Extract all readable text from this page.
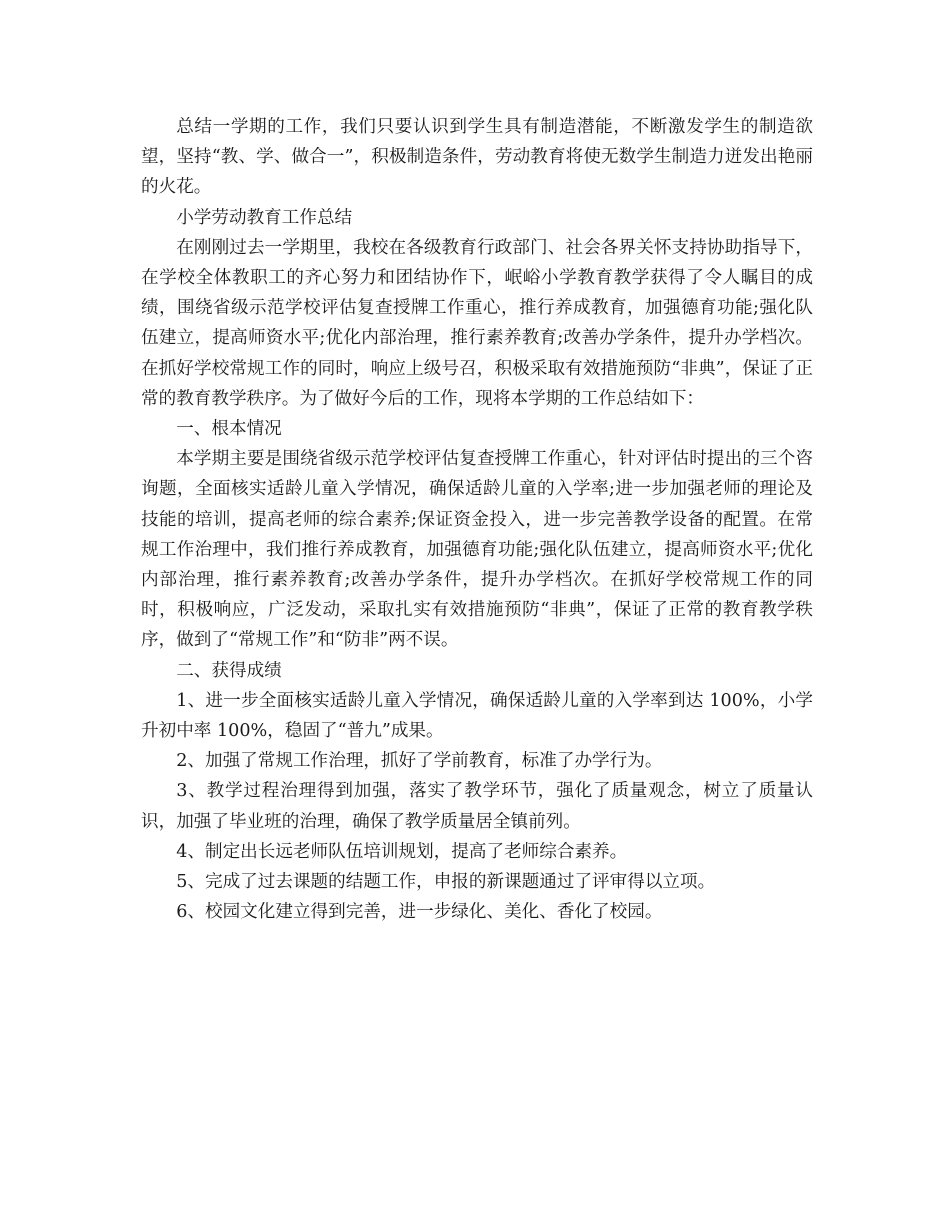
总结一学期的工作，我们只要认识到学生具有制造潜能，不断激发学生的制造欲望，坚持“教、学、做合一”，积极制造条件，劳动教育将使无数学生制造力迸发出艳丽的火花。

小学劳动教育工作总结

在刚刚过去一学期里，我校在各级教育行政部门、社会各界关怀支持协助指导下，在学校全体教职工的齐心努力和团结协作下，岷峪小学教育教学获得了令人瞩目的成绩，围绕省级示范学校评估复查授牌工作重心，推行养成教育，加强德育功能;强化队伍建立，提高师资水平;优化内部治理，推行素养教育;改善办学条件，提升办学档次。在抓好学校常规工作的同时，响应上级号召，积极采取有效措施预防“非典”，保证了正常的教育教学秩序。为了做好今后的工作，现将本学期的工作总结如下：

一、根本情况

本学期主要是围绕省级示范学校评估复查授牌工作重心，针对评估时提出的三个咨询题，全面核实适龄儿童入学情况，确保适龄儿童的入学率;进一步加强老师的理论及技能的培训，提高老师的综合素养;保证资金投入，进一步完善教学设备的配置。在常规工作治理中，我们推行养成教育，加强德育功能;强化队伍建立，提高师资水平;优化内部治理，推行素养教育;改善办学条件，提升办学档次。在抓好学校常规工作的同时，积极响应，广泛发动，采取扎实有效措施预防“非典”，保证了正常的教育教学秩序，做到了“常规工作”和“防非”两不误。

二、获得成绩

1、进一步全面核实适龄儿童入学情况，确保适龄儿童的入学率到达 100%，小学升初中率 100%，稳固了“普九”成果。

2、加强了常规工作治理，抓好了学前教育，标准了办学行为。

3、教学过程治理得到加强，落实了教学环节，强化了质量观念，树立了质量认识，加强了毕业班的治理，确保了教学质量居全镇前列。

4、制定出长远老师队伍培训规划，提高了老师综合素养。

5、完成了过去课题的结题工作，申报的新课题通过了评审得以立项。

6、校园文化建立得到完善，进一步绿化、美化、香化了校园。
